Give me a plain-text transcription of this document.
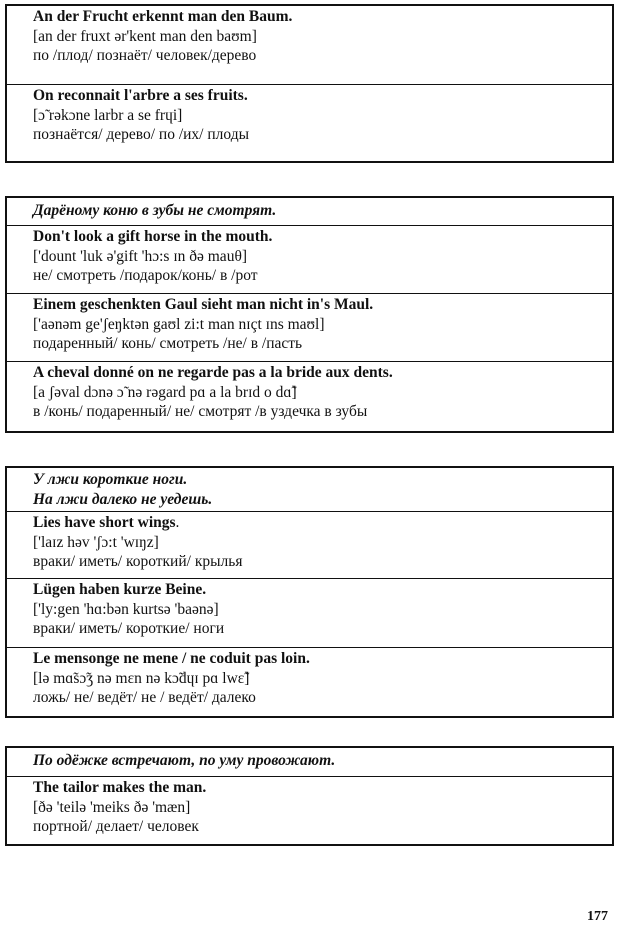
An der Frucht erkennt man den Baum.
[an der fruxt ər'kent man den baʊm]
по /плод/ познаёт/ человек/дерево
On reconnait l'arbre a ses fruits.
[ɔ̃ rəkɔne larbr a se frɥi]
познаётся/ дерево/ по /их/ плоды
Дарёному коню в зубы не смотрят.
Don't look a gift horse in the mouth.
['dount 'luk ə'gift 'hɔ:s ɪn ðə mauθ]
не/ смотреть /подарок/конь/ в /рот
Einem geschenkten Gaul sieht man nicht in's Maul.
['aənəm ge'ʃeŋktən gaʊl zi:t man nɪçt ɪns maʊl]
подаренный/ конь/ смотреть /не/ в /пасть
A cheval donné on ne regarde pas a la bride aux dents.
[a ʃəval dɔnə ɔ̃ nə rəgard pɑ a la brɪd o dɑ̃]
в /конь/ подаренный/ не/ смотрят /в уздечка в зубы
У лжи короткие ноги.
На лжи далеко не уедешь.
Lies have short wings.
['laɪz həv 'ʃɔ:t 'wɪŋz]
враки/ иметь/ короткий/ крылья
Lügen haben kurze Beine.
['ly:gen 'hɑ:bən kurtsə 'baənə]
враки/ иметь/ короткие/ ноги
Le mensonge ne mene / ne coduit pas loin.
[lə mɑ̃sɔ̃ʒ nə mɛn nə kɔ̃dɥɪ pɑ lwɛ̃]
ложь/ не/ ведёт/ не / ведёт/ далеко
По одёжке встречают, по уму провожают.
The tailor makes the man.
[ðə 'teilə 'meiks ðə 'mæn]
портной/ делает/ человек
177
